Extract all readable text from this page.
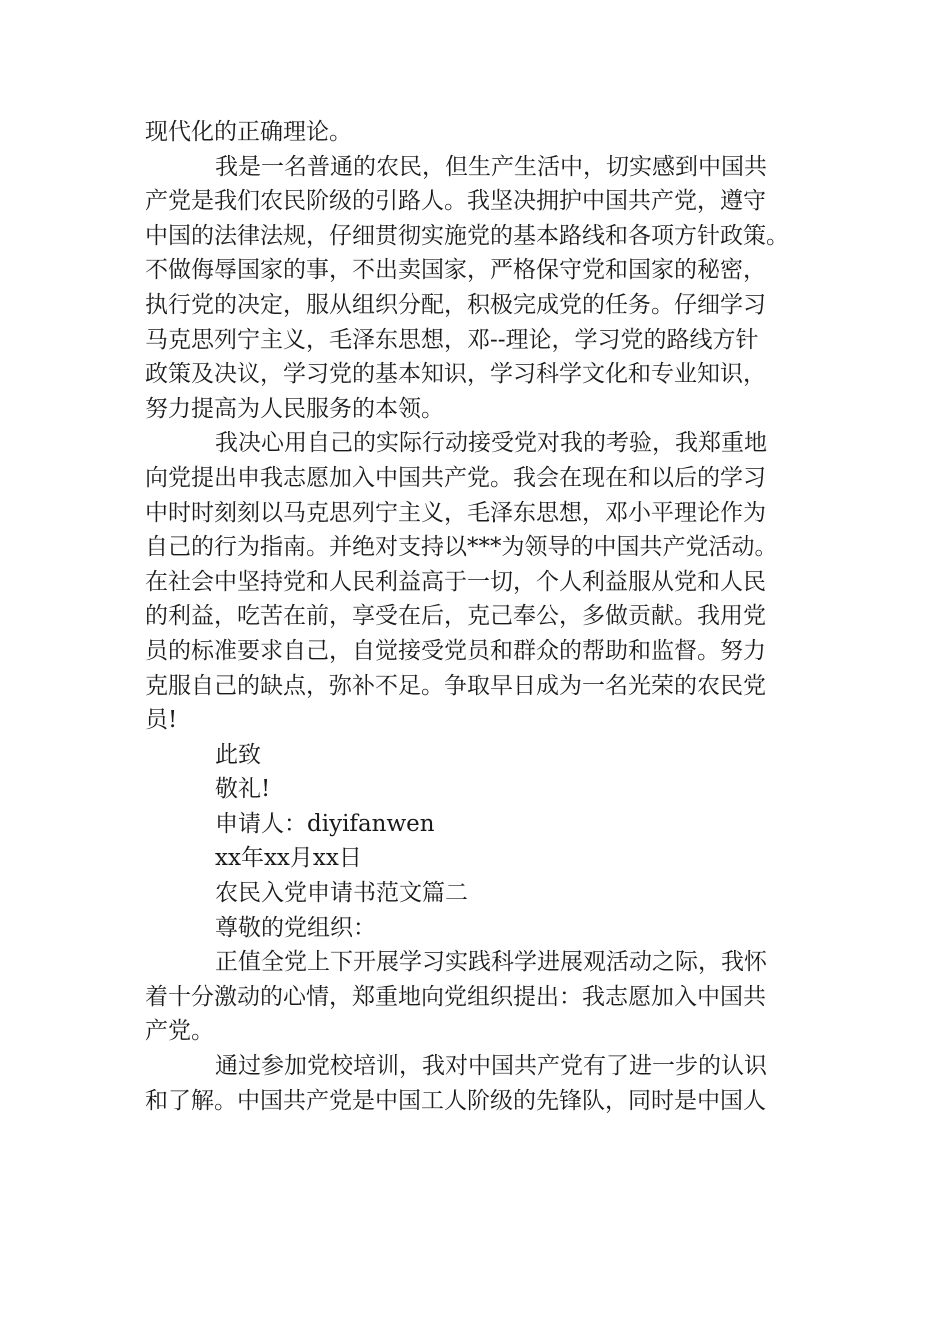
现代化的正确理论。
我是一名普通的农民，但生产生活中，切实感到中国共
产党是我们农民阶级的引路人。我坚决拥护中国共产党，遵守
中国的法律法规，仔细贯彻实施党的基本路线和各项方针政策。
不做侮辱国家的事，不出卖国家，严格保守党和国家的秘密，
执行党的决定，服从组织分配，积极完成党的任务。仔细学习
马克思列宁主义，毛泽东思想，邓--理论，学习党的路线方针
政策及决议，学习党的基本知识，学习科学文化和专业知识，
努力提高为人民服务的本领。
我决心用自己的实际行动接受党对我的考验，我郑重地
向党提出申我志愿加入中国共产党。我会在现在和以后的学习
中时时刻刻以马克思列宁主义，毛泽东思想，邓小平理论作为
自己的行为指南。并绝对支持以***为领导的中国共产党活动。
在社会中坚持党和人民利益高于一切，个人利益服从党和人民
的利益，吃苦在前，享受在后，克己奉公，多做贡献。我用党
员的标准要求自己，自觉接受党员和群众的帮助和监督。努力
克服自己的缺点，弥补不足。争取早日成为一名光荣的农民党
员!
此致
敬礼!
申请人：diyifanwen
xx年xx月xx日
农民入党申请书范文篇二
尊敬的党组织：
正值全党上下开展学习实践科学进展观活动之际，我怀
着十分激动的心情，郑重地向党组织提出：我志愿加入中国共
产党。
通过参加党校培训，我对中国共产党有了进一步的认识
和了解。中国共产党是中国工人阶级的先锋队，同时是中国人
